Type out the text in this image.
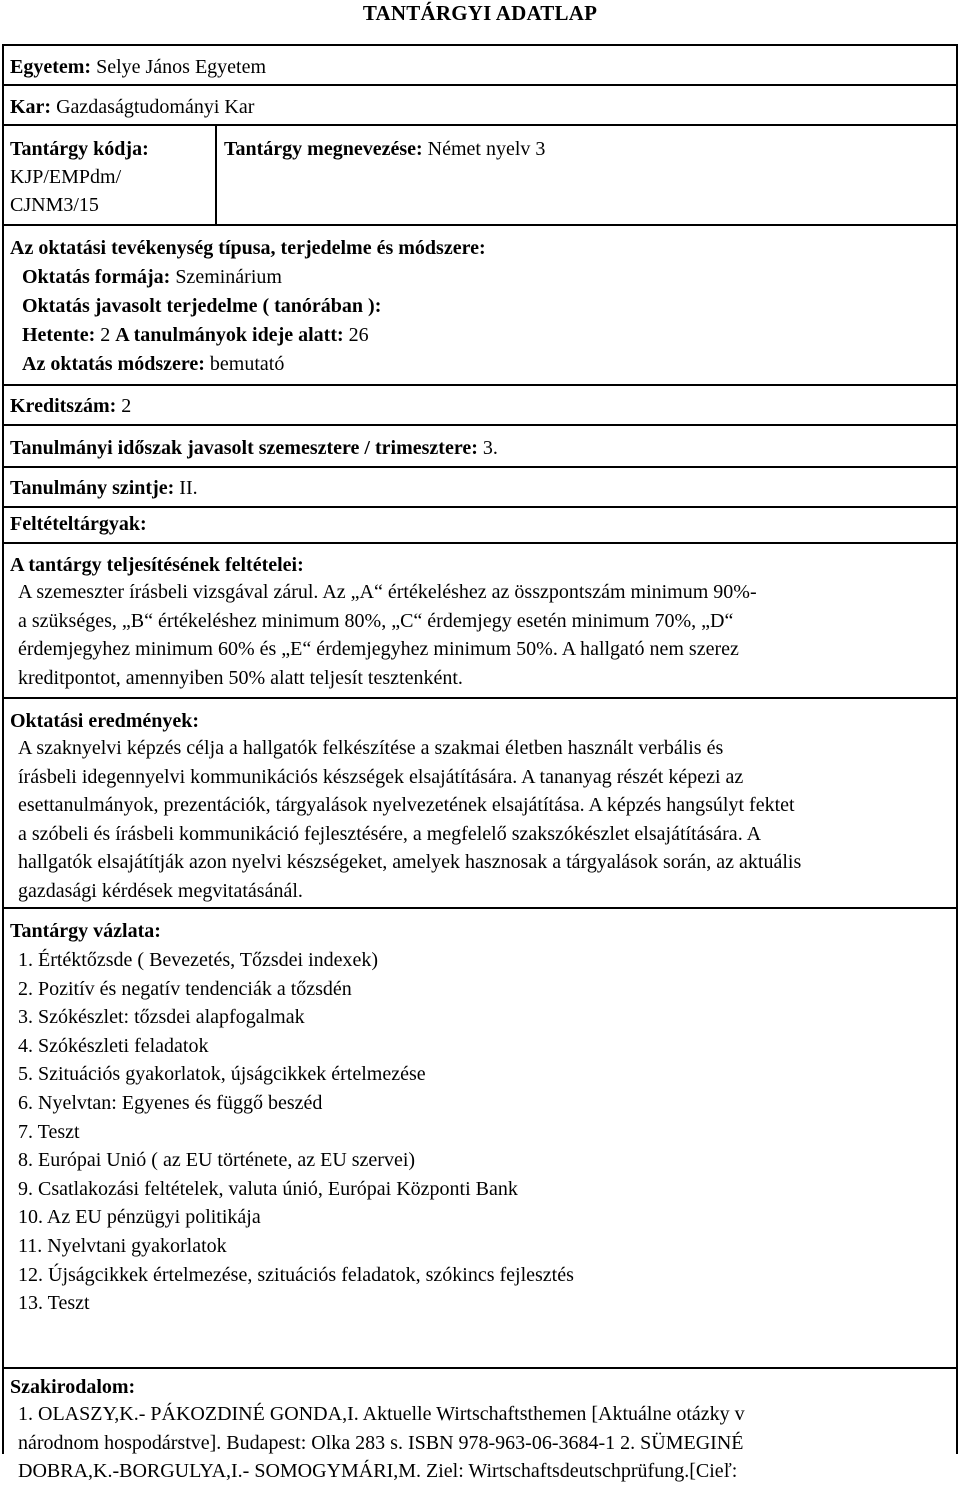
TANTÁRGYI ADATLAP
Egyetem: Selye János Egyetem
Kar: Gazdaságtudományi Kar
Tantárgy kódja:
KJP/EMPdm/
CJNM3/15
Tantárgy megnevezése: Német nyelv 3
Az oktatási tevékenység típusa, terjedelme és módszere:
Oktatás formája: Szeminárium
Oktatás javasolt terjedelme ( tanórában ):
Hetente: 2 A tanulmányok ideje alatt: 26
Az oktatás módszere: bemutató
Kreditszám: 2
Tanulmányi időszak javasolt szemesztere / trimesztere: 3.
Tanulmány szintje: II.
Feltételtárgyak:
A tantárgy teljesítésének feltételei:
A szemeszter írásbeli vizsgával zárul. Az „A“ értékeléshez az összpontszám minimum 90%-
a szükséges, „B“ értékeléshez minimum 80%, „C“ érdemjegy esetén minimum 70%, „D“
érdemjegyhez minimum 60% és „E“ érdemjegyhez minimum 50%. A hallgató nem szerez
kreditpontot, amennyiben 50% alatt teljesít tesztenként.
Oktatási eredmények:
A szaknyelvi képzés célja a hallgatók felkészítése a szakmai életben használt verbális és
írásbeli idegennyelvi kommunikációs készségek elsajátítására. A tananyag részét képezi az
esettanulmányok, prezentációk, tárgyalások nyelvezetének elsajátítása. A képzés hangsúlyt fektet
a szóbeli és írásbeli kommunikáció fejlesztésére, a megfelelő szakszókészlet elsajátítására. A
hallgatók elsajátítják azon nyelvi készségeket, amelyek hasznosak a tárgyalások során, az aktuális
gazdasági kérdések megvitatásánál.
Tantárgy vázlata:
1. Értéktőzsde ( Bevezetés, Tőzsdei indexek)
2. Pozitív és negatív tendenciák a tőzsdén
3. Szókészlet: tőzsdei alapfogalmak
4. Szókészleti feladatok
5. Szituációs gyakorlatok, újságcikkek értelmezése
6. Nyelvtan: Egyenes és függő beszéd
7. Teszt
8. Európai Unió ( az EU története, az EU szervei)
9. Csatlakozási feltételek, valuta únió, Európai Központi Bank
10. Az EU pénzügyi politikája
11. Nyelvtani gyakorlatok
12. Újságcikkek értelmezése, szituációs feladatok, szókincs fejlesztés
13. Teszt
Szakirodalom:
1. OLASZY,K.- PÁKOZDINÉ GONDA,I. Aktuelle Wirtschaftsthemen [Aktuálne otázky v
národnom hospodárstve]. Budapest: Olka 283 s. ISBN 978-963-06-3684-1 2. SÜMEGINÉ
DOBRA,K.-BORGULYA,I.- SOMOGYMÁRI,M. Ziel: Wirtschaftsdeutschprüfung.[Cieľ:
